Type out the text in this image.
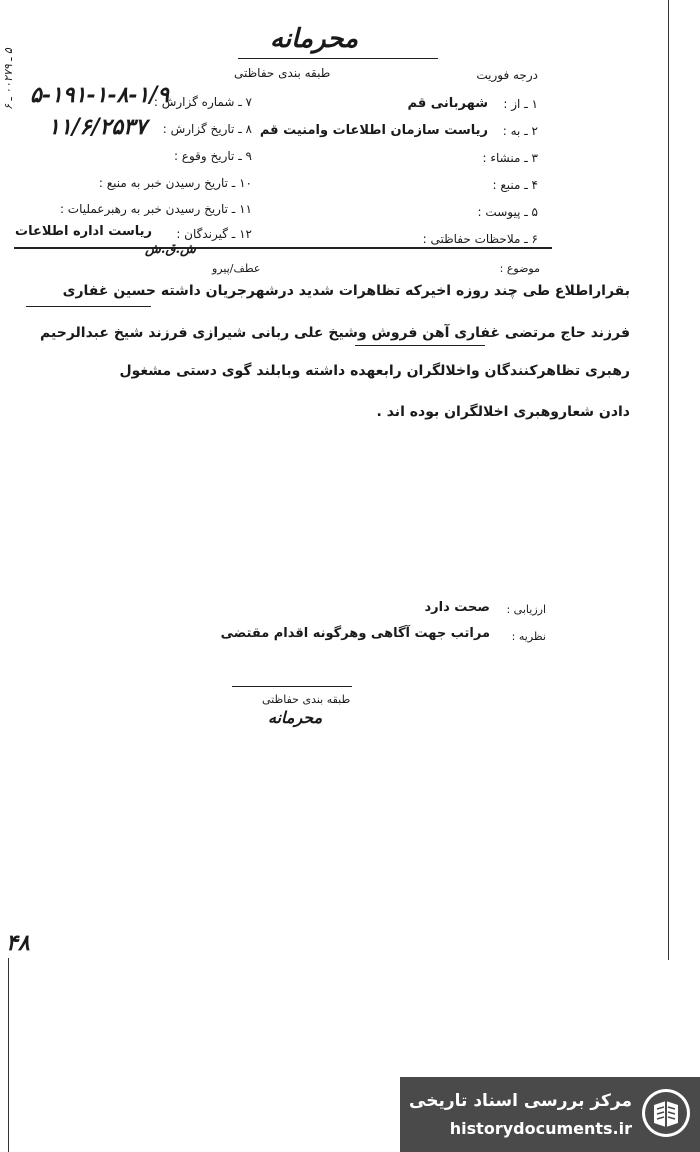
محرمانه
طبقه بندی حفاظتی	درجه فوریت
۱ ـ از :
شهربانی قم
۲ ـ به :
ریاست سازمان اطلاعات وامنیت قم
۳ ـ منشاء :
۴ ـ منبع :
۵ ـ پیوست :
۶ ـ ملاحظات حفاظتی :
۷ ـ شماره گزارش :
۵-۱۹۱-۱-۸-۱/۹
۸ ـ تاریخ گزارش :
۱۱/۶/۲۵۳۷
۹ ـ تاریخ وقوع :
۱۰ ـ تاریخ رسیدن خبر به منبع :
۱۱ ـ تاریخ رسیدن خبر به رهبرعملیات :
۱۲ ـ گیرندگان :
ریاست اداره اطلاعات
۵ ـ ۰۰۲۷۹ ـ ۶
ش.ق.ش
عطف/پیرو	موضوع :
بقراراطلاع طی چند روزه اخیرکه تظاهرات شدید درشهرجریان داشته حسین غفاری
فرزند حاج مرتضی غفاری آهن فروش وشیخ علی ربانی شیرازی فرزند شیخ عبدالرحیم
رهبری تظاهرکنندگان واخلالگران رابعهده داشته وبابلند گوی دستی مشغول
دادن شعاروهبری اخلالگران بوده اند .
ارزیابی :
صحت دارد
نظریه :
مراتب جهت آگاهی وهرگونه اقدام مقتضی
طبقه بندی حفاظتی
محرمانه
۴۸
مرکز بررسی اسناد تاریخی
historydocuments.ir
